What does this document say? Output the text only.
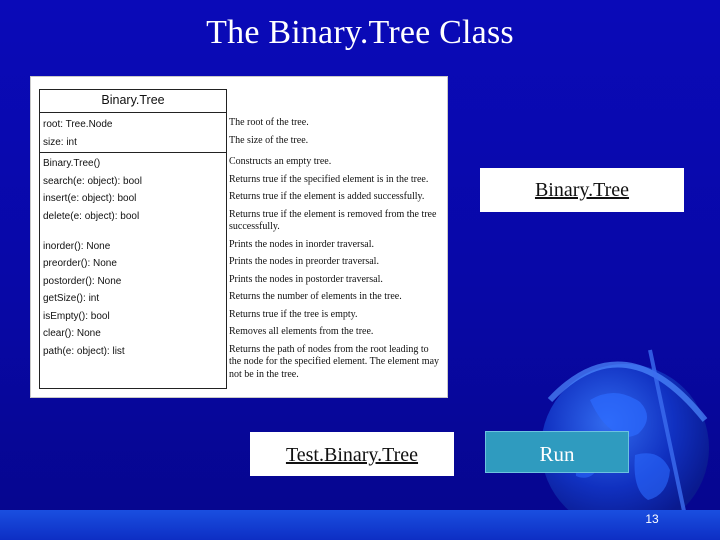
The Binary.Tree Class
Binary.Tree
root: Tree.Node
size: int
Binary.Tree()
search(e: object): bool
insert(e: object): bool
delete(e: object): bool
inorder(): None
preorder(): None
postorder(): None
getSize(): int
isEmpty(): bool
clear(): None
path(e: object): list
The root of the tree.
The size of the tree.
Constructs an empty tree.
Returns true if the specified element is in the tree.
Returns true if the element is added successfully.
Returns true if the element is removed from the tree successfully.
Prints the nodes in inorder traversal.
Prints the nodes in preorder traversal.
Prints the nodes in postorder traversal.
Returns the number of elements in the tree.
Returns true if the tree is empty.
Removes all elements from the tree.
Returns the path of nodes from the root leading to the node for the specified element. The element may not be in the tree.
Binary.Tree
Test.Binary.Tree	Run
13
